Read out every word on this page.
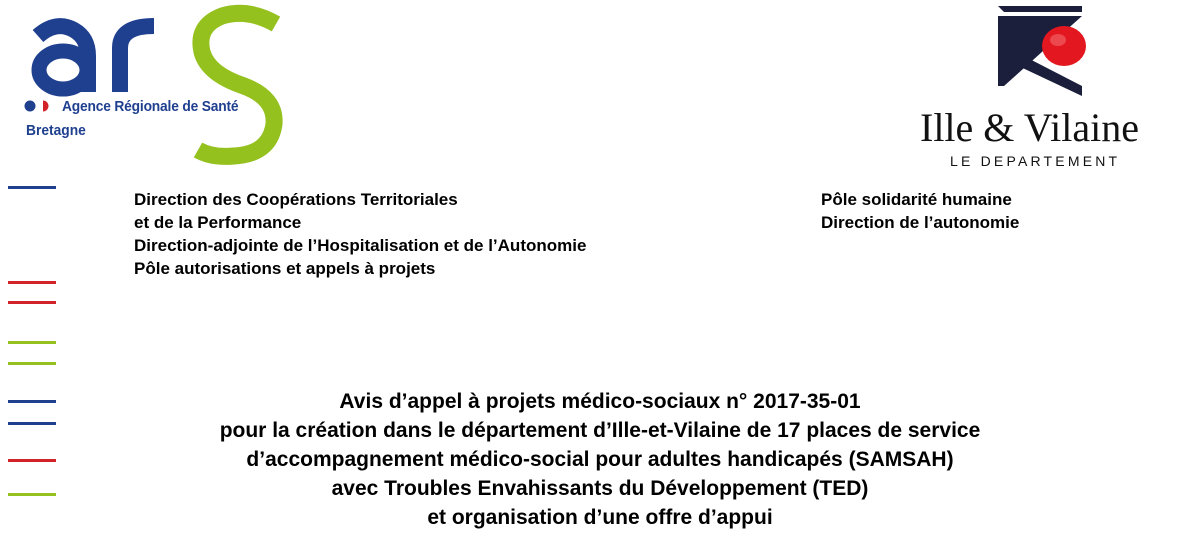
Agence Régionale de Santé
Bretagne	Ille & Vilaine
LE DEPARTEMENT
Direction des Coopérations Territoriales
et de la Performance
Direction-adjointe de l’Hospitalisation et de l’Autonomie
Pôle autorisations et appels à projets
Pôle solidarité humaine
Direction de l’autonomie
Avis d’appel à projets médico-sociaux n° 2017-35-01
pour la création dans le département d’Ille-et-Vilaine de 17 places de service
d’accompagnement médico-social pour adultes handicapés (SAMSAH)
avec Troubles Envahissants du Développement (TED)
et organisation d’une offre d’appui
